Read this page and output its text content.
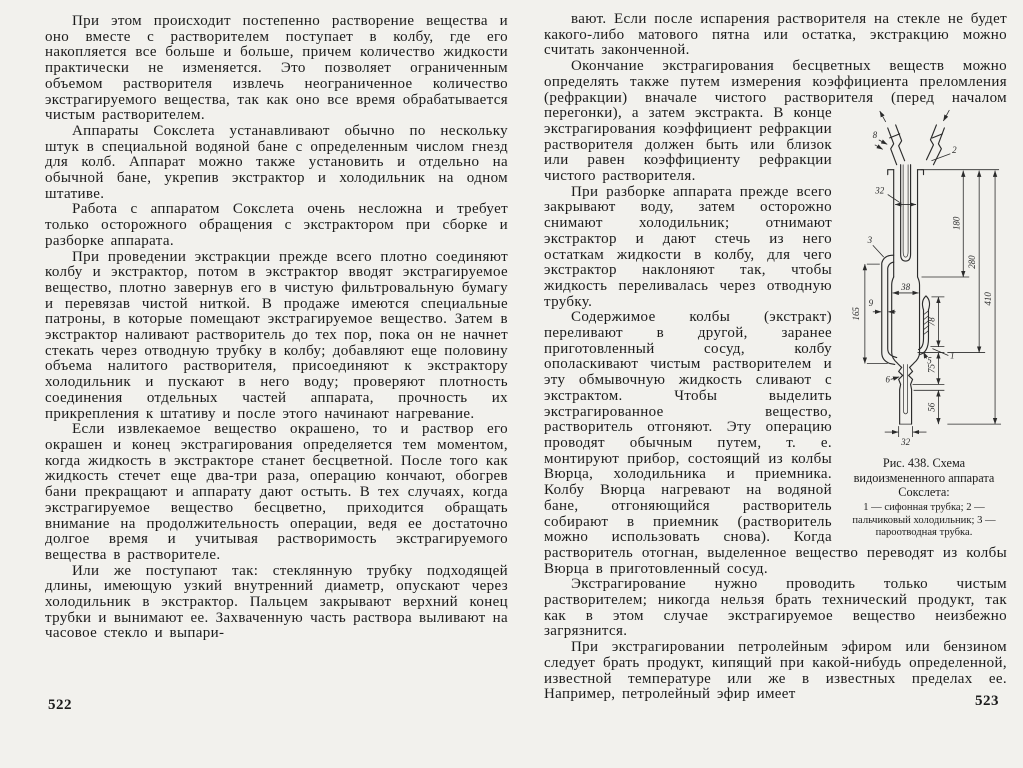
При этом происходит постепенно растворение вещества и оно вместе с растворителем поступает в колбу, где его накопляется все больше и больше, причем количество жидкости практически не изменяется. Это позволяет ограниченным объемом растворителя извлечь неограниченное количество экстрагируемого вещества, так как оно все время обрабатывается чистым растворителем.

Аппараты Сокслета устанавливают обычно по нескольку штук в специальной водяной бане с определенным числом гнезд для колб. Аппарат можно также установить и отдельно на обычной бане, укрепив экстрактор и холодильник на одном штативе.

Работа с аппаратом Сокслета очень несложна и требует только осторожного обращения с экстрактором при сборке и разборке аппарата.

При проведении экстракции прежде всего плотно соединяют колбу и экстрактор, потом в экстрактор вводят экстрагируемое вещество, плотно завернув его в чистую фильтровальную бумагу и перевязав чистой ниткой. В продаже имеются специальные патроны, в которые помещают экстрагируемое вещество. Затем в экстрактор наливают растворитель до тех пор, пока он не начнет стекать через отводную трубку в колбу; добавляют еще половину объема налитого растворителя, присоединяют к экстрактору холодильник и пускают в него воду; проверяют плотность соединения отдельных частей аппарата, прочность их прикрепления к штативу и после этого начинают нагревание.

Если извлекаемое вещество окрашено, то и раствор его окрашен и конец экстрагирования определяется тем моментом, когда жидкость в экстракторе станет бесцветной. После того как жидкость стечет еще два-три раза, операцию кончают, обогрев бани прекращают и аппарату дают остыть. В тех случаях, когда экстрагируемое вещество бесцветно, приходится обращать внимание на продолжительность операции, ведя ее достаточно долгое время и учитывая растворимость экстрагируемого вещества в растворителе.

Или же поступают так: стеклянную трубку подходящей длины, имеющую узкий внутренний диаметр, опускают через холодильник в экстрактор. Пальцем закрывают верхний конец трубки и вынимают ее. Захваченную часть раствора выливают на часовое стекло и выпари-

522

вают. Если после испарения растворителя на стекле не будет какого-либо матового пятна или остатка, экстракцию можно считать законченной.

Окончание экстрагирования бесцветных веществ можно определять также путем измерения коэффициента преломления (рефракции) вначале чистого растворителя
32
38
9
165
78
75
56
32
180
280
410
8
6
5
2
3
1
Рис. 438. Схема видоизмененного аппарата Сокслета:
1 — сифонная трубка; 2 — пальчиковый холодильник; 3 — пароотводная трубка.
(перед началом перегонки), а затем экстракта. В конце экстрагирования коэффициент рефракции растворителя должен быть или близок или равен коэффициенту рефракции чистого растворителя.

При разборке аппарата прежде всего закрывают воду, затем осторожно снимают холодильник; отнимают экстрактор и дают стечь из него остаткам жидкости в колбу, для чего экстрактор наклоняют так, чтобы жидкость переливалась через отводную трубку.

Содержимое колбы (экстракт) переливают в другой, заранее приготовленный сосуд, колбу ополаскивают чистым растворителем и эту обмывочную жидкость сливают с экстрактом. Чтобы выделить экстрагированное вещество, растворитель отгоняют. Эту операцию проводят обычным путем, т. е. монтируют прибор, состоящий из колбы Вюрца, холодильника и приемника. Колбу Вюрца нагревают на водяной бане, отгоняющийся растворитель собирают в приемник (растворитель можно использовать снова). Когда растворитель отогнан, выделенное вещество переводят из колбы Вюрца в приготовленный сосуд.

Экстрагирование нужно проводить только чистым растворителем; никогда нельзя брать технический продукт, так как в этом случае экстрагируемое вещество неизбежно загрязнится.

При экстрагировании петролейным эфиром или бензином следует брать продукт, кипящий при какой-нибудь определенной, известной температуре или же в известных пределах ее. Например, петролейный эфир имеет	523
